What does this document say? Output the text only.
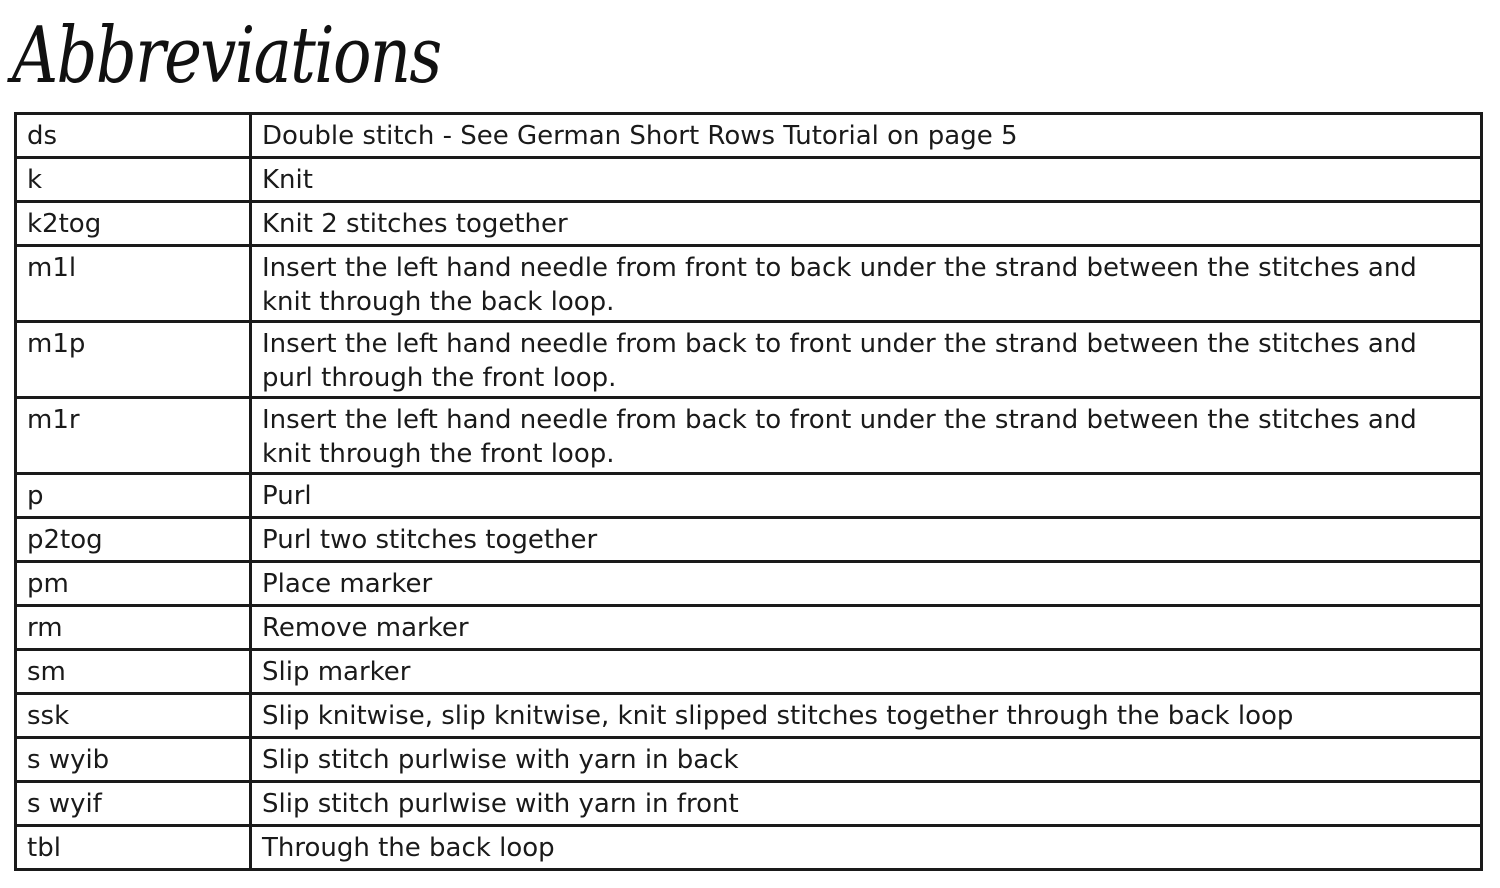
Abbreviations
ds	Double stitch - See German Short Rows Tutorial on page 5
k	Knit
k2tog	Knit 2 stitches together
m1l	Insert the left hand needle from front to back under the strand between the stitches and knit through the back loop.
m1p	Insert the left hand needle from back to front under the strand between the stitches and purl through the front loop.
m1r	Insert the left hand needle from back to front under the strand between the stitches and knit through the front loop.
p	Purl
p2tog	Purl two stitches together
pm	Place marker
rm	Remove marker
sm	Slip marker
ssk	Slip knitwise, slip knitwise, knit slipped stitches together through the back loop
s wyib	Slip stitch purlwise with yarn in back
s wyif	Slip stitch purlwise with yarn in front
tbl	Through the back loop
